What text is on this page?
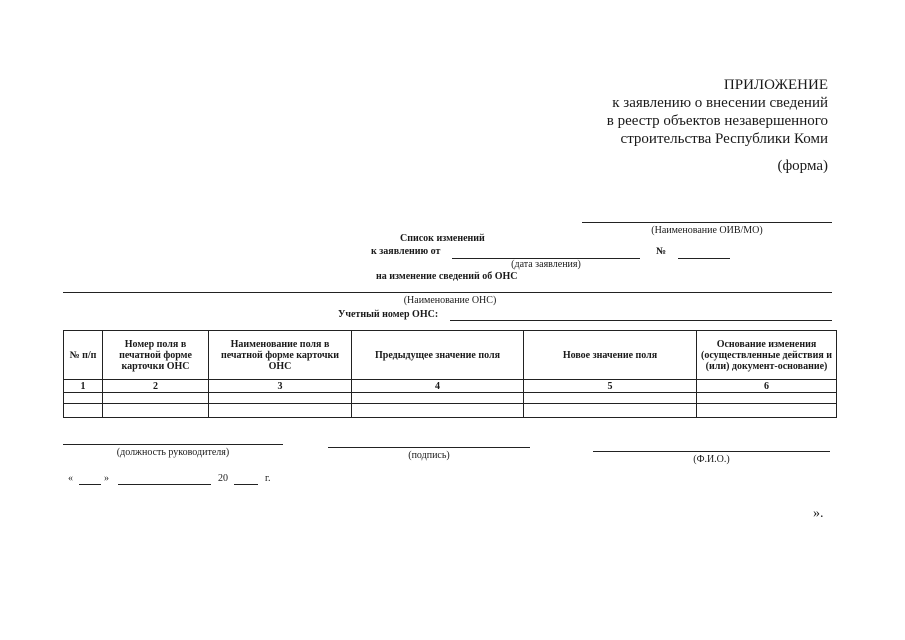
ПРИЛОЖЕНИЕ
к заявлению о внесении сведений
в реестр объектов незавершенного
строительства Республики Коми
(форма)
(Наименование ОИВ/МО)
Список изменений
к заявлению от	№
(дата заявления)
на изменение сведений об ОНС
(Наименование ОНС)
Учетный номер ОНС:
№ п/п	Номер поля в печатной форме карточки ОНС	Наименование поля в печатной форме карточки ОНС	Предыдущее значение поля	Новое значение поля	Основание изменения (осуществленные действия и (или) документ-основание)
1	2	3	4	5	6

(должность руководителя)	(подпись)	(Ф.И.О.)
«	»	20	г.
».
